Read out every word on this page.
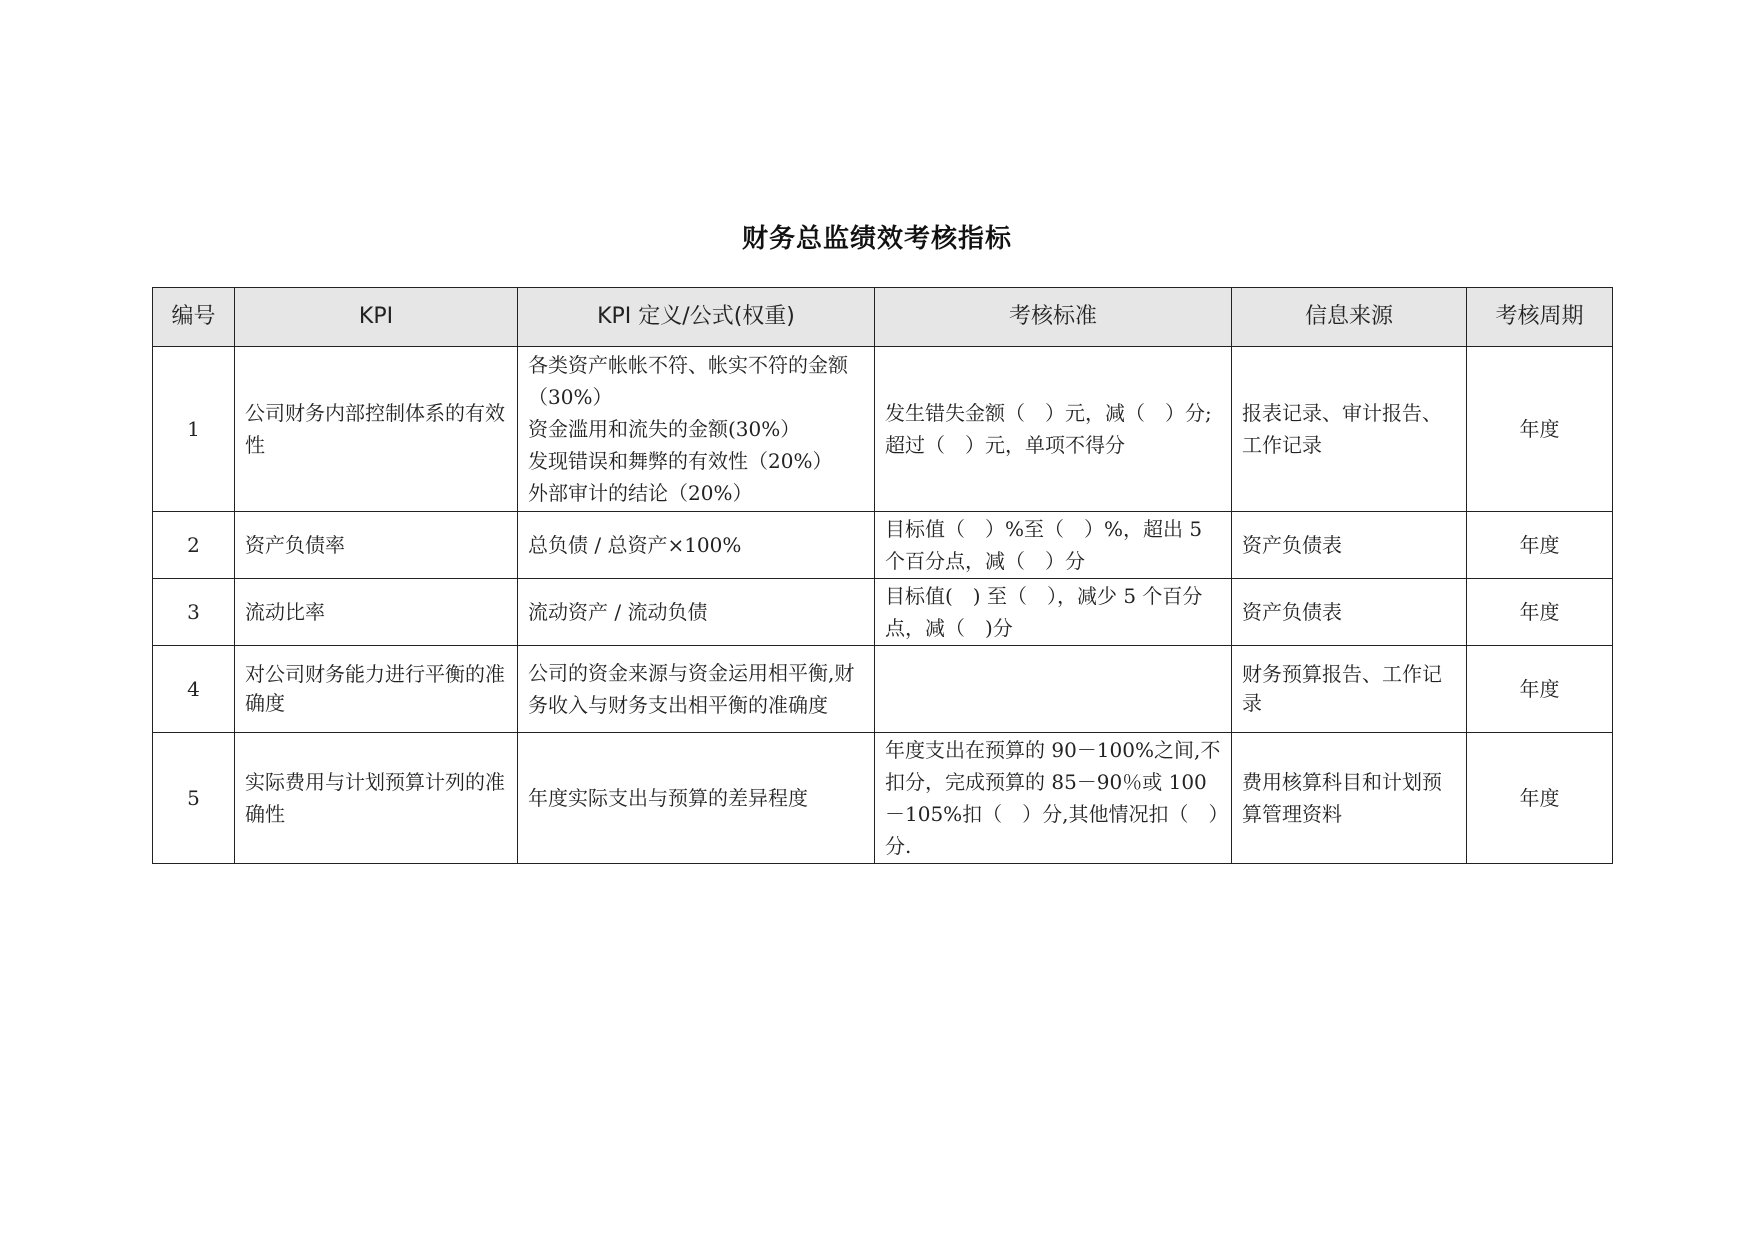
财务总监绩效考核指标
编号	KPI	KPI 定义/公式(权重)	考核标准	信息来源	考核周期
1	公司财务内部控制体系的有效性	各类资产帐帐不符、帐实不符的金额（30%）
资金滥用和流失的金额(30%）
发现错误和舞弊的有效性（20%）
外部审计的结论（20%）	发生错失金额（　）元，减（　）分;超过（　）元，单项不得分	报表记录、审计报告、工作记录	年度
2	资产负债率	总负债 / 总资产×100%	目标值（　）%至（　）%，超出 5 个百分点，减（　）分	资产负债表	年度
3	流动比率	流动资产 / 流动负债	目标值(　) 至（　），减少 5 个百分点，减（　)分	资产负债表	年度
4	对公司财务能力进行平衡的准确度	公司的资金来源与资金运用相平衡,财务收入与财务支出相平衡的准确度		财务预算报告、工作记录	年度
5	实际费用与计划预算计列的准确性	年度实际支出与预算的差异程度	年度支出在预算的 90－100%之间,不扣分，完成预算的 85－90％或 100－105%扣（　）分,其他情况扣（　）分.	费用核算科目和计划预算管理资料	年度
